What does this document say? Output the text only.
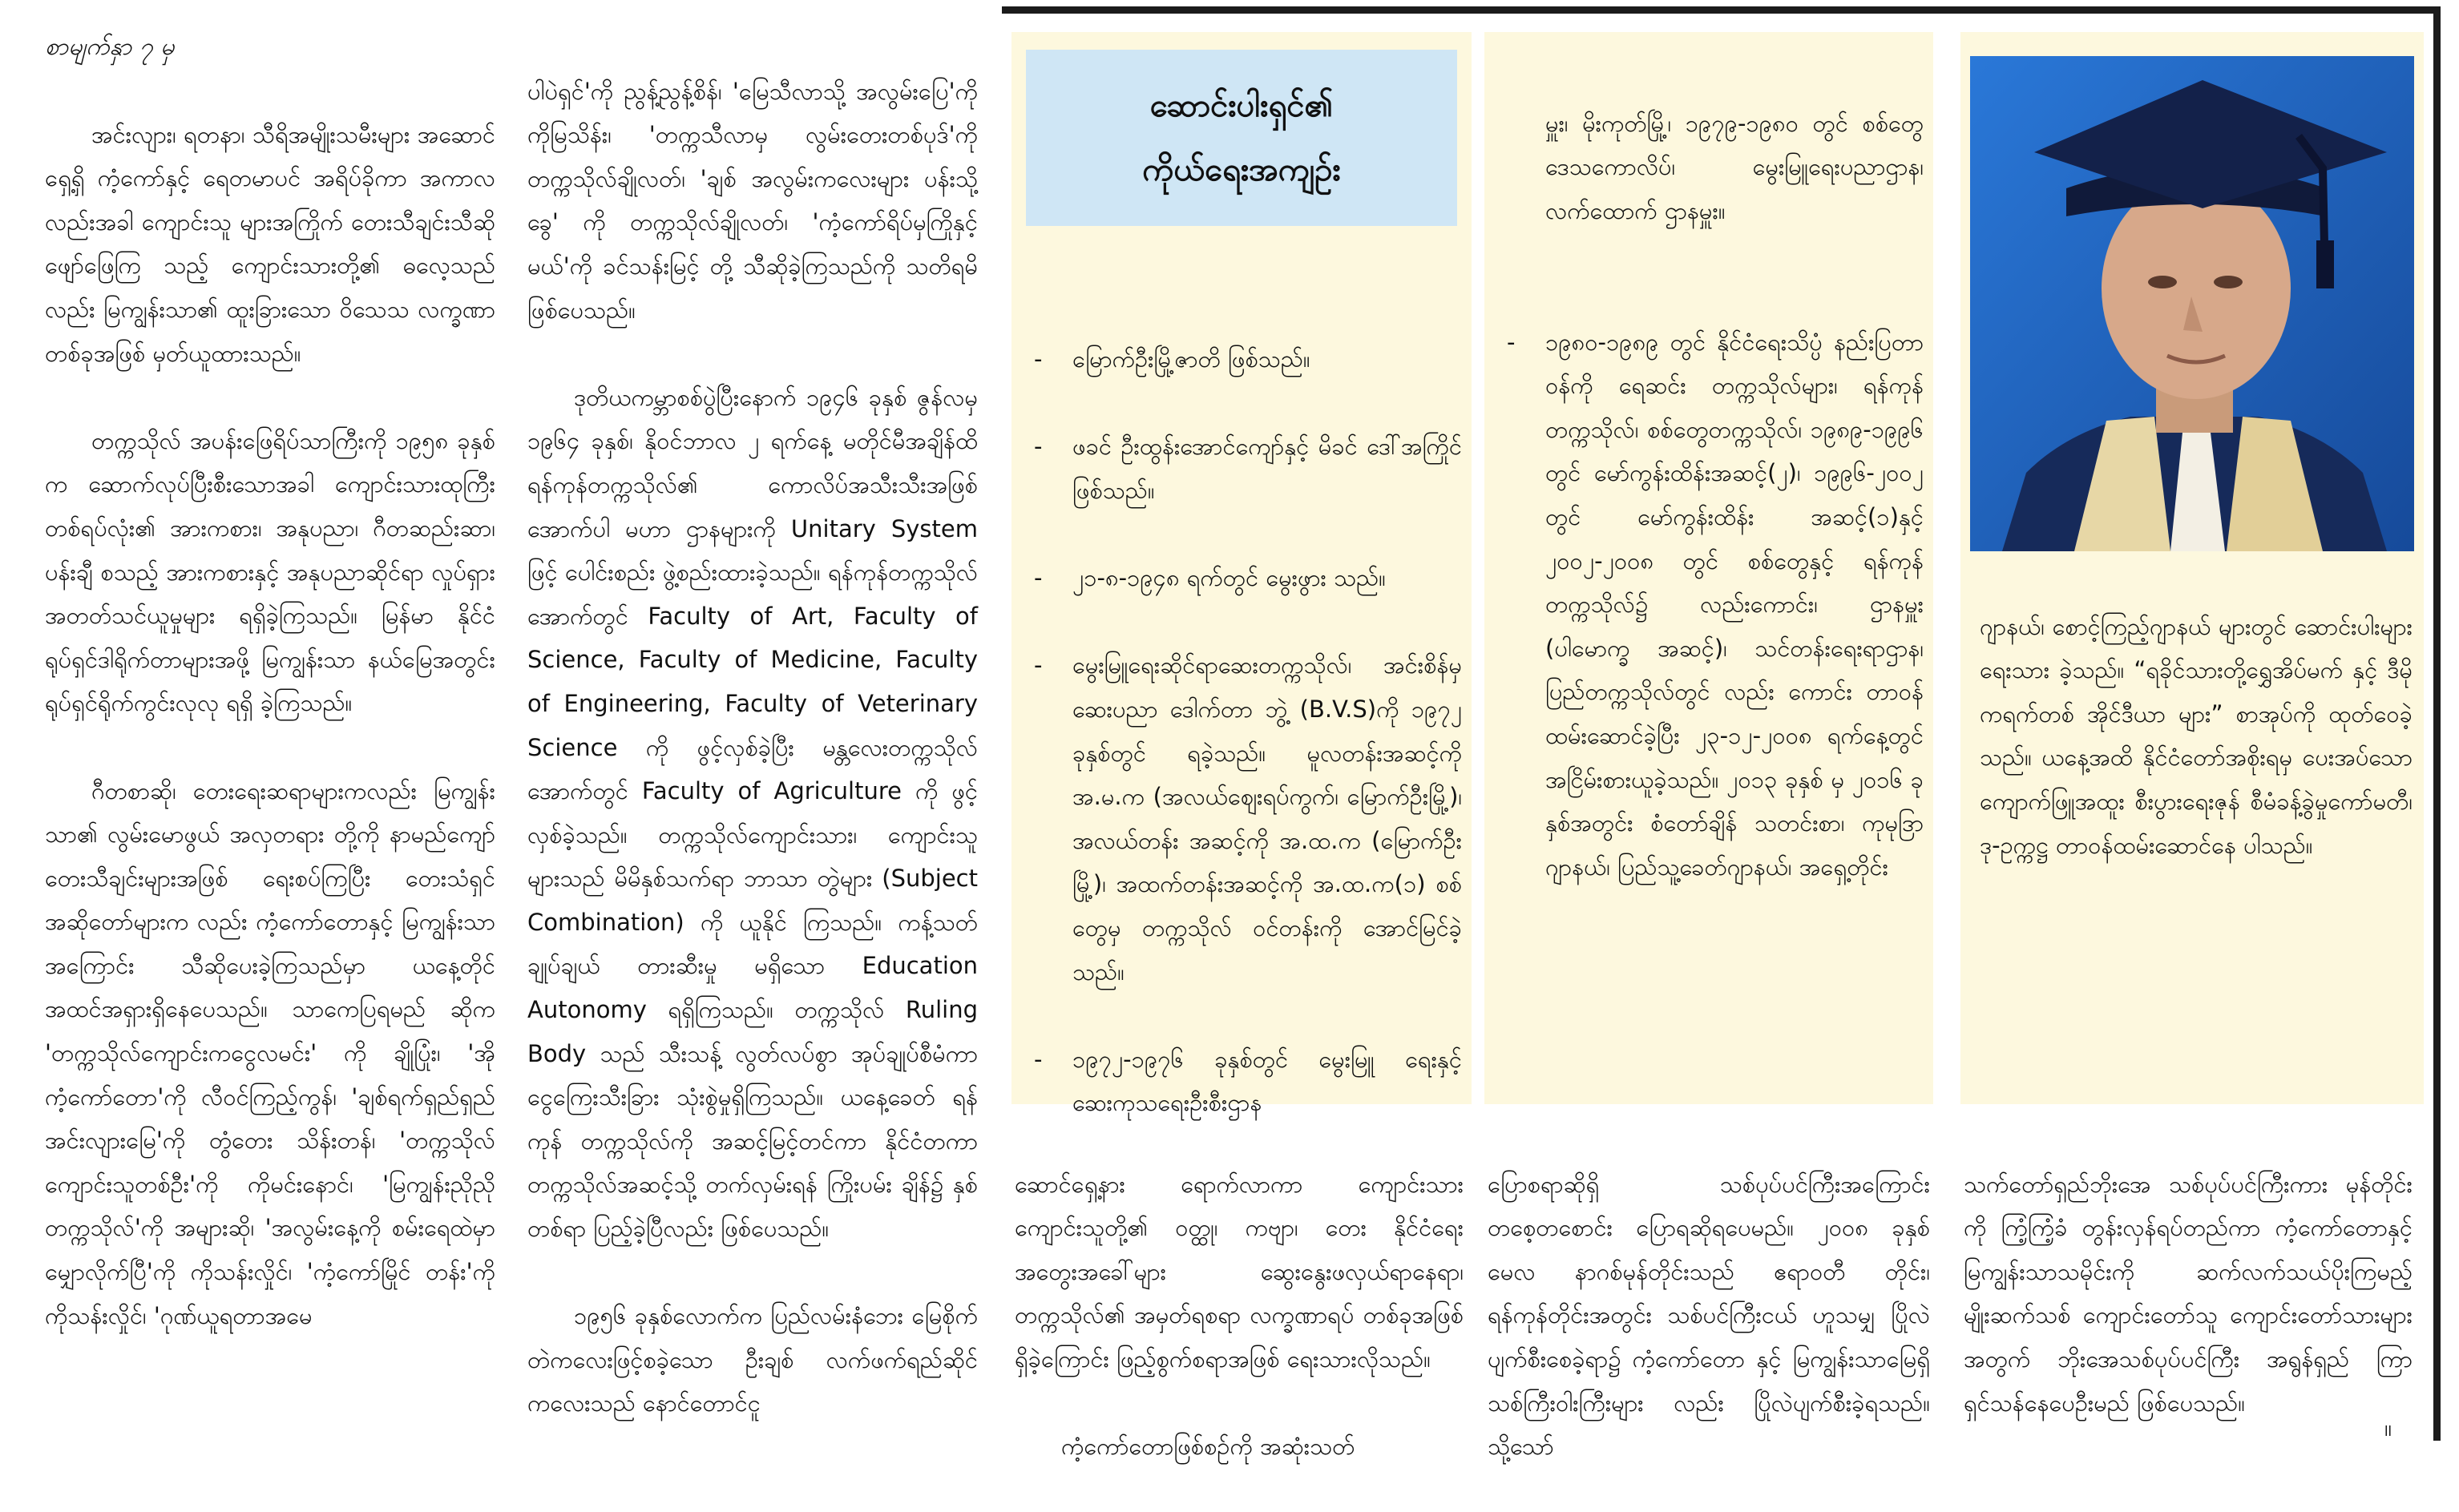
စာမျက်နှာ ၇ မှ

အင်းလျား၊ ရတနာ၊ သီရိအမျိုးသမီးများ အဆောင်ရှေ့ရှိ ကံ့ကော်နှင့် ရေတမာပင် အရိပ်ခိုကာ အကာလလည်းအခါ ကျောင်းသူ များအကြိုက် တေးသီချင်းသီဆိုဖျော်ဖြေကြ သည့် ကျောင်းသားတို့၏ ဓလေ့သည်လည်း မြကျွန်းသာ၏ ထူးခြားသော ဝိသေသ လက္ခဏာတစ်ခုအဖြစ် မှတ်ယူထားသည်။

တက္ကသိုလ် အပန်းဖြေရိပ်သာကြီးကို ၁၉၅၈ ခုနှစ်က ဆောက်လုပ်ပြီးစီးသောအခါ ကျောင်းသားထုကြီးတစ်ရပ်လုံး၏ အားကစား၊ အနုပညာ၊ ဂီတဆည်းဆာ၊ ပန်းချီ စသည့် အားကစားနှင့် အနုပညာဆိုင်ရာ လှုပ်ရှား အတတ်သင်ယူမှုများ ရရှိခဲ့ကြသည်။ မြန်မာ နိုင်ငံ ရုပ်ရှင်ဒါရိုက်တာများအဖို့ မြကျွန်းသာ နယ်မြေအတွင်း ရုပ်ရှင်ရိုက်ကွင်းလုလု ရရှိ ခဲ့ကြသည်။

ဂီတစာဆို၊ တေးရေးဆရာများကလည်း မြကျွန်းသာ၏ လွမ်းမောဖွယ် အလှတရား တို့ကို နာမည်ကျော်တေးသီချင်းများအဖြစ် ရေးစပ်ကြပြီး တေးသံရှင်အဆိုတော်များက လည်း ကံ့ကော်တောနှင့် မြကျွန်းသာ အကြောင်း သီဆိုပေးခဲ့ကြသည်မှာ ယနေ့တိုင် အထင်အရှားရှိနေပေသည်။ သာကေပြရမည် ဆိုက 'တက္ကသိုလ်ကျောင်းကငွေလမင်း' ကို ချိုပြုံး၊ 'အိုကံ့ကော်တော'ကို လီဝင်ကြည့်ကွန်၊ 'ချစ်ရက်ရှည်ရှည်အင်းလျားမြေ'ကို တွံတေး သိန်းတန်၊ 'တက္ကသိုလ်ကျောင်းသူတစ်ဦး'ကို ကိုမင်းနောင်၊ 'မြကျွန်းညိုညိုတက္ကသိုလ်'ကို အများဆို၊ 'အလွမ်းနေ့ကို စမ်းရေထဲမှာ မျှောလိုက်ပြီ'ကို ကိုသန်းလှိုင်၊ 'ကံ့ကော်မြိုင် တန်း'ကို ကိုသန်းလှိုင်၊ 'ဂုဏ်ယူရတာအမေ

ပါပဲရှင်'ကို ညွန့်ညွန့်စိန်၊ 'မြေသီလာသို့ အလွမ်းပြေ'ကို ကိုမြသိန်း၊ 'တက္ကသီလာမှ လွမ်းတေးတစ်ပုဒ်'ကို တက္ကသိုလ်ချိုလတ်၊ 'ချစ် အလွမ်းကလေးများ ပန်းသို့ခွေ' ကို တက္ကသိုလ်ချိုလတ်၊ 'ကံ့ကော်ရိပ်မှကြိုနှင့် မယ်'ကို ခင်သန်းမြင့် တို့ သီဆိုခဲ့ကြသည်ကို သတိရမိဖြစ်ပေသည်။

ဒုတိယကမ္ဘာစစ်ပွဲပြီးနောက် ၁၉၄၆ ခုနှစ် ဇွန်လမှ ၁၉၆၄ ခုနှစ်၊ နိုဝင်ဘာလ ၂ ရက်နေ့ မတိုင်မီအချိန်ထိ ရန်ကုန်တက္ကသိုလ်၏ ကောလိပ်အသီးသီးအဖြစ် အောက်ပါ မဟာ ဌာနများကို Unitary System ဖြင့် ပေါင်းစည်း ဖွဲ့စည်းထားခဲ့သည်။ ရန်ကုန်တက္ကသိုလ် အောက်တွင် Faculty of Art, Faculty of Science, Faculty of Medicine, Faculty of Engineering, Faculty of Veterinary Science ကို ဖွင့်လှစ်ခဲ့ပြီး မန္တလေးတက္ကသိုလ် အောက်တွင် Faculty of Agriculture ကို ဖွင့်လှစ်ခဲ့သည်။ တက္ကသိုလ်ကျောင်းသား၊ ကျောင်းသူများသည် မိမိနှစ်သက်ရာ ဘာသာ တွဲများ (Subject Combination) ကို ယူနိုင် ကြသည်။ ကန့်သတ်ချုပ်ချယ် တားဆီးမှု မရှိသော Education Autonomy ရရှိကြသည်။ တက္ကသိုလ် Ruling Body သည် သီးသန့် လွတ်လပ်စွာ အုပ်ချုပ်စီမံကာ ငွေကြေးသီးခြား သုံးစွဲမှုရှိကြသည်။ ယနေ့ခေတ် ရန်ကုန် တက္ကသိုလ်ကို အဆင့်မြင့်တင်ကာ နိုင်ငံတကာ တက္ကသိုလ်အဆင့်သို့ တက်လှမ်းရန် ကြိုးပမ်း ချိန်၌ နှစ်တစ်ရာ ပြည့်ခဲ့ပြီလည်း ဖြစ်ပေသည်။

၁၉၅၆ ခုနှစ်လောက်က ပြည်လမ်းနံဘေး မြေစိုက်တဲကလေးဖြင့်စခဲ့သော ဦးချစ် လက်ဖက်ရည်ဆိုင်ကလေးသည် နောင်တောင်ငူ

ဆောင်းပါးရှင်၏
ကိုယ်ရေးအကျဉ်း

- မြောက်ဦးမြို့ဇာတိ ဖြစ်သည်။

- ဖခင် ဦးထွန်းအောင်ကျော်နှင့် မိခင် ဒေါ်အကြိုင် ဖြစ်သည်။

- ၂၁-၈-၁၉၄၈ ရက်တွင် မွေးဖွား သည်။

- မွေးမြူရေးဆိုင်ရာဆေးတက္ကသိုလ်၊ အင်းစိန်မှ ဆေးပညာ ဒေါက်တာ ဘွဲ့ (B.V.S)ကို ၁၉၇၂ ခုနှစ်တွင် ရခဲ့သည်။ မူလတန်းအဆင့်ကို အ.မ.က (အလယ်ဈေးရပ်ကွက်၊ မြောက်ဦးမြို့)၊ အလယ်တန်း အဆင့်ကို အ.ထ.က (မြောက်ဦး မြို့)၊ အထက်တန်းအဆင့်ကို အ.ထ.က(၁) စစ်တွေမှ တက္ကသိုလ် ဝင်တန်းကို အောင်မြင်ခဲ့သည်။

- ၁၉၇၂-၁၉၇၆ ခုနှစ်တွင် မွေးမြူ ရေးနှင့် ဆေးကုသရေးဦးစီးဌာန

မှူး၊ မိုးကုတ်မြို့၊ ၁၉၇၉-၁၉၈၀ တွင် စစ်တွေဒေသကောလိပ်၊ မွေးမြူရေးပညာဌာန၊ လက်ထောက် ဌာနမှူး။

- ၁၉၈၀-၁၉၈၉ တွင် နိုင်ငံရေးသိပ္ပံ နည်းပြတာဝန်ကို ရေဆင်း တက္ကသိုလ်များ၊ ရန်ကုန်တက္ကသိုလ်၊ စစ်တွေတက္ကသိုလ်၊ ၁၉၈၉-၁၉၉၆ တွင် မော်ကွန်းထိန်းအဆင့်(၂)၊ ၁၉၉၆-၂၀၀၂ တွင် မော်ကွန်းထိန်း အဆင့်(၁)နှင့် ၂၀၀၂-၂၀၀၈ တွင် စစ်တွေနှင့် ရန်ကုန် တက္ကသိုလ်၌ လည်းကောင်း၊ ဌာနမှူး (ပါမောက္ခ အဆင့်)၊ သင်တန်းရေးရာဌာန၊ ပြည်တက္ကသိုလ်တွင် လည်း ကောင်း တာဝန်ထမ်းဆောင်ခဲ့ပြီး ၂၃-၁၂-၂၀၀၈ ရက်နေ့တွင် အငြိမ်းစားယူခဲ့သည်။ ၂၀၁၃ ခုနှစ် မှ ၂၀၁၆ ခုနှစ်အတွင်း စံတော်ချိန် သတင်းစာ၊ ကုမုဒြာဂျာနယ်၊ ပြည်သူ့ခေတ်ဂျာနယ်၊ အရှေ့တိုင်း

ဂျာနယ်၊ စောင့်ကြည့်ဂျာနယ် များတွင် ဆောင်းပါးများ ရေးသား ခဲ့သည်။ “ရခိုင်သားတို့ရွှေအိပ်မက် နှင့် ဒီမိုကရက်တစ် အိုင်ဒီယာ များ” စာအုပ်ကို ထုတ်ဝေခဲ့သည်။ ယနေ့အထိ နိုင်ငံတော်အစိုးရမှ ပေးအပ်သော ကျောက်ဖြူအထူး စီးပွားရေးဇုန် စီမံခန့်ခွဲမှုကော်မတီ၊ ဒု-ဥက္ကဋ္ဌ တာဝန်ထမ်းဆောင်နေ ပါသည်။

ဆောင်ရှေ့နား ရောက်လာကာ ကျောင်းသား ကျောင်းသူတို့၏ ဝတ္ထု၊ ကဗျာ၊ တေး နိုင်ငံရေး အတွေးအခေါ်များ ဆွေးနွေးဖလှယ်ရာနေရာ၊ တက္ကသိုလ်၏ အမှတ်ရစရာ လက္ခဏာရပ် တစ်ခုအဖြစ်ရှိခဲ့ကြောင်း ဖြည့်စွက်စရာအဖြစ် ရေးသားလိုသည်။

ကံ့ကော်တောဖြစ်စဉ်ကို အဆုံးသတ်

ပြောစရာဆိုရှိ သစ်ပုပ်ပင်ကြီးအကြောင်း တစေ့တစောင်း ပြောရဆိုရပေမည်။ ၂၀၀၈ ခုနှစ် မေလ နာဂစ်မုန်တိုင်းသည် ဧရာဝတီ တိုင်း၊ ရန်ကုန်တိုင်းအတွင်း သစ်ပင်ကြီးငယ် ဟူသမျှ ပြိုလဲပျက်စီးစေခဲ့ရာ၌ ကံ့ကော်တော နှင့် မြကျွန်းသာမြေရှိ သစ်ကြီးဝါးကြီးများ လည်း ပြိုလဲပျက်စီးခဲ့ရသည်။ သို့သော်

သက်တော်ရှည်ဘိုးအေ သစ်ပုပ်ပင်ကြီးကား မုန်တိုင်းကို ကြံ့ကြံ့ခံ တွန်းလှန်ရပ်တည်ကာ ကံ့ကော်တောနှင့် မြကျွန်းသာသမိုင်းကို ဆက်လက်သယ်ပိုးကြမည့် မျိုးဆက်သစ် ကျောင်းတော်သူ ကျောင်းတော်သားများ အတွက် ဘိုးအေသစ်ပုပ်ပင်ကြီး အရွန်ရှည် ကြာ ရှင်သန်နေပေဦးမည် ဖြစ်ပေသည်။

။
